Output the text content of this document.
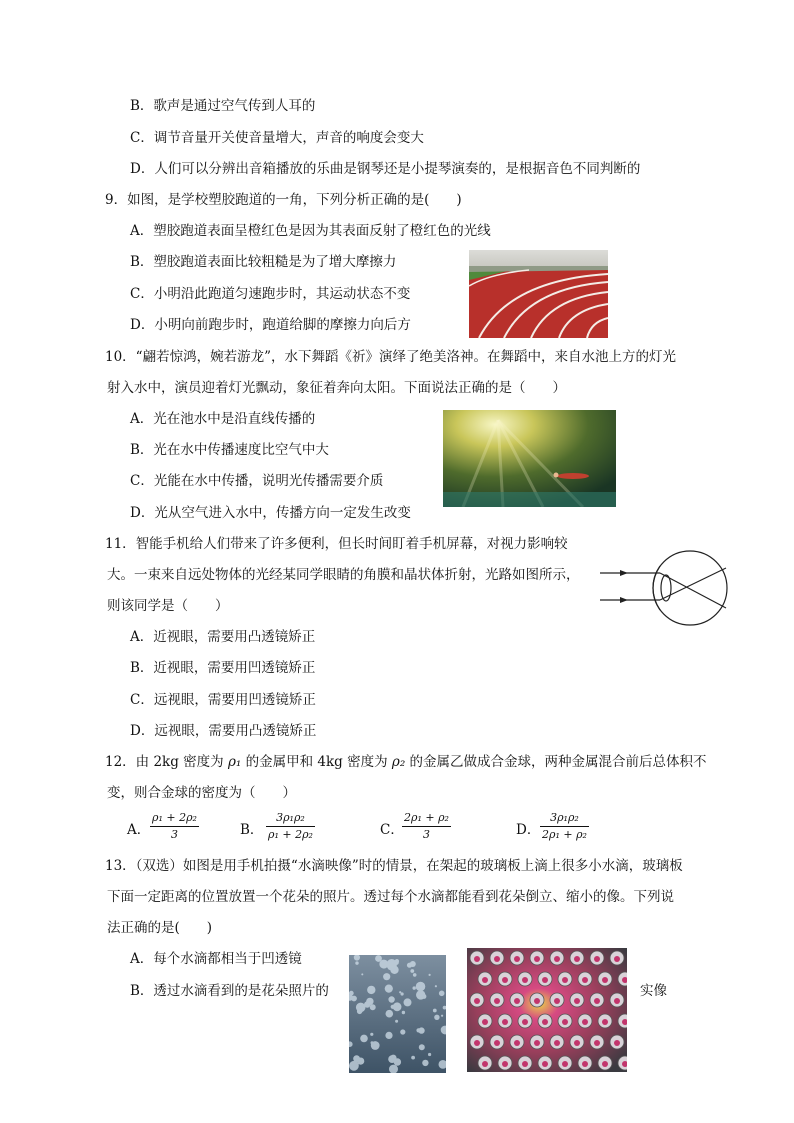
B．歌声是通过空气传到人耳的
C．调节音量开关使音量增大，声音的响度会变大
D．人们可以分辨出音箱播放的乐曲是钢琴还是小提琴演奏的，是根据音色不同判断的
9．如图，是学校塑胶跑道的一角，下列分析正确的是(　　)
A．塑胶跑道表面呈橙红色是因为其表面反射了橙红色的光线
B．塑胶跑道表面比较粗糙是为了增大摩擦力
C．小明沿此跑道匀速跑步时，其运动状态不变
D．小明向前跑步时，跑道给脚的摩擦力向后方
10．“翩若惊鸿，婉若游龙”，水下舞蹈《祈》演绎了绝美洛神。在舞蹈中，来自水池上方的灯光
射入水中，演员迎着灯光飘动，象征着奔向太阳。下面说法正确的是（　　）
A．光在池水中是沿直线传播的
B．光在水中传播速度比空气中大
C．光能在水中传播，说明光传播需要介质
D．光从空气进入水中，传播方向一定发生改变
11．智能手机给人们带来了许多便利，但长时间盯着手机屏幕，对视力影响较
大。一束来自远处物体的光经某同学眼睛的角膜和晶状体折射，光路如图所示，
则该同学是（　　）
A．近视眼，需要用凸透镜矫正
B．近视眼，需要用凹透镜矫正
C．远视眼，需要用凹透镜矫正
D．远视眼，需要用凸透镜矫正
12．由 2kg 密度为 ρ₁ 的金属甲和 4kg 密度为 ρ₂ 的金属乙做成合金球，两种金属混合前后总体积不
变，则合金球的密度为（　　）
A．
ρ₁ + 2ρ₂
3	B．
3ρ₁ρ₂
ρ₁ + 2ρ₂	C．
2ρ₁ + ρ₂
3	D．
3ρ₁ρ₂
2ρ₁ + ρ₂
13．（双选）如图是用手机拍摄“水滴映像”时的情景，在架起的玻璃板上滴上很多小水滴，玻璃板
下面一定距离的位置放置一个花朵的照片。透过每个水滴都能看到花朵倒立、缩小的像。下列说
法正确的是(　　)
A．每个水滴都相当于凹透镜
B．透过水滴看到的是花朵照片的	实像
